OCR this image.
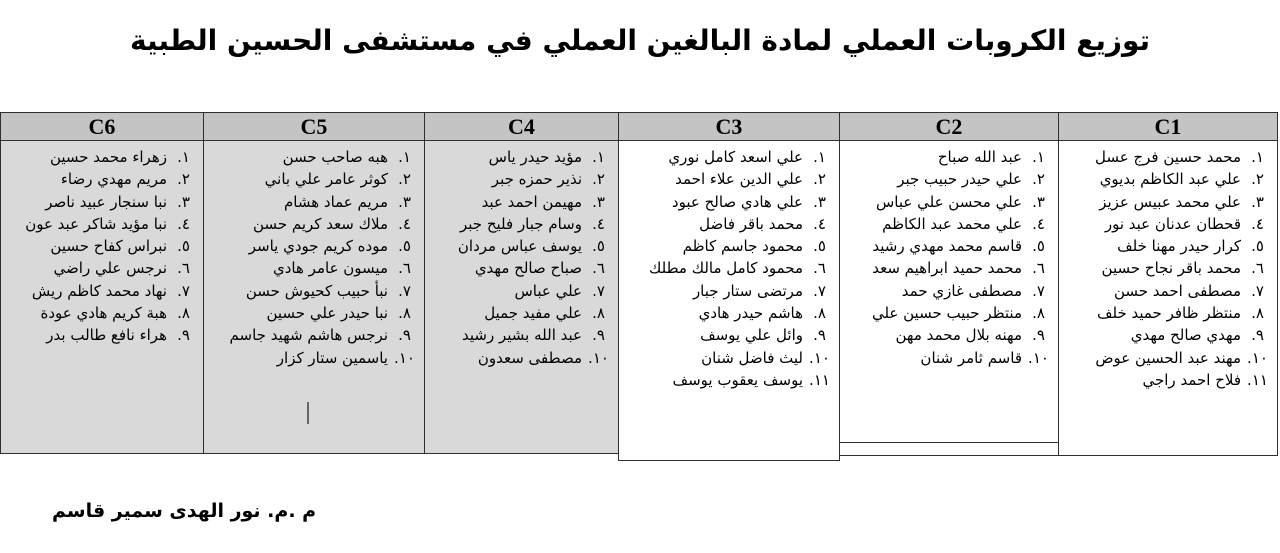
توزيع الكروبات العملي لمادة البالغين العملي في مستشفى الحسين الطبية
C1
١.
محمد حسين فرج عسل
٢.
علي عبد الكاظم بديوي
٣.
علي محمد عبيس عزيز
٤.
قحطان عدنان عبد نور
٥.
كرار حيدر مهنا خلف
٦.
محمد باقر نجاح حسين
٧.
مصطفى احمد حسن
٨.
منتظر ظافر حميد خلف
٩.
مهدي صالح مهدي
١٠.
مهند عبد الحسين عوض
١١.
فلاح احمد راجي
C2
١.
عبد الله صباح
٢.
علي حيدر حبيب جبر
٣.
علي محسن علي عباس
٤.
علي محمد عبد الكاظم
٥.
قاسم محمد مهدي رشيد
٦.
محمد حميد ابراهيم سعد
٧.
مصطفى غازي حمد
٨.
منتظر حبيب حسين علي
٩.
مهنه بلال محمد مهن
١٠.
قاسم ثامر شنان
C3
١.
علي اسعد كامل نوري
٢.
علي الدين علاء احمد
٣.
علي هادي صالح عبود
٤.
محمد باقر فاضل
٥.
محمود جاسم كاظم
٦.
محمود كامل مالك مطلك
٧.
مرتضى ستار جبار
٨.
هاشم حيدر هادي
٩.
وائل علي يوسف
١٠.
ليث فاضل شنان
١١.
يوسف يعقوب يوسف
C4
١.
مؤيد حيدر ياس
٢.
نذير حمزه جبر
٣.
مهيمن احمد عبد
٤.
وسام جبار فليح جبر
٥.
يوسف عباس مردان
٦.
صباح صالح مهدي
٧.
علي عباس
٨.
علي مفيد جميل
٩.
عبد الله بشير رشيد
١٠.
مصطفى سعدون
C5
١.
هبه صاحب حسن
٢.
كوثر عامر علي باني
٣.
مريم عماد هشام
٤.
ملاك سعد كريم حسن
٥.
موده كريم جودي ياسر
٦.
ميسون عامر هادي
٧.
نبأ حبيب كحيوش حسن
٨.
نبا حيدر علي حسين
٩.
نرجس هاشم شهيد جاسم
١٠.
ياسمين ستار كزار
C6
١.
زهراء محمد حسين
٢.
مريم مهدي رضاء
٣.
نبا سنجار عبيد ناصر
٤.
نبا مؤيد شاكر عبد عون
٥.
نبراس كفاح حسين
٦.
نرجس علي راضي
٧.
نهاد محمد كاظم ريش
٨.
هبة كريم هادي عودة
٩.
هراء نافع طالب بدر
م .م. نور الهدى سمير قاسم
